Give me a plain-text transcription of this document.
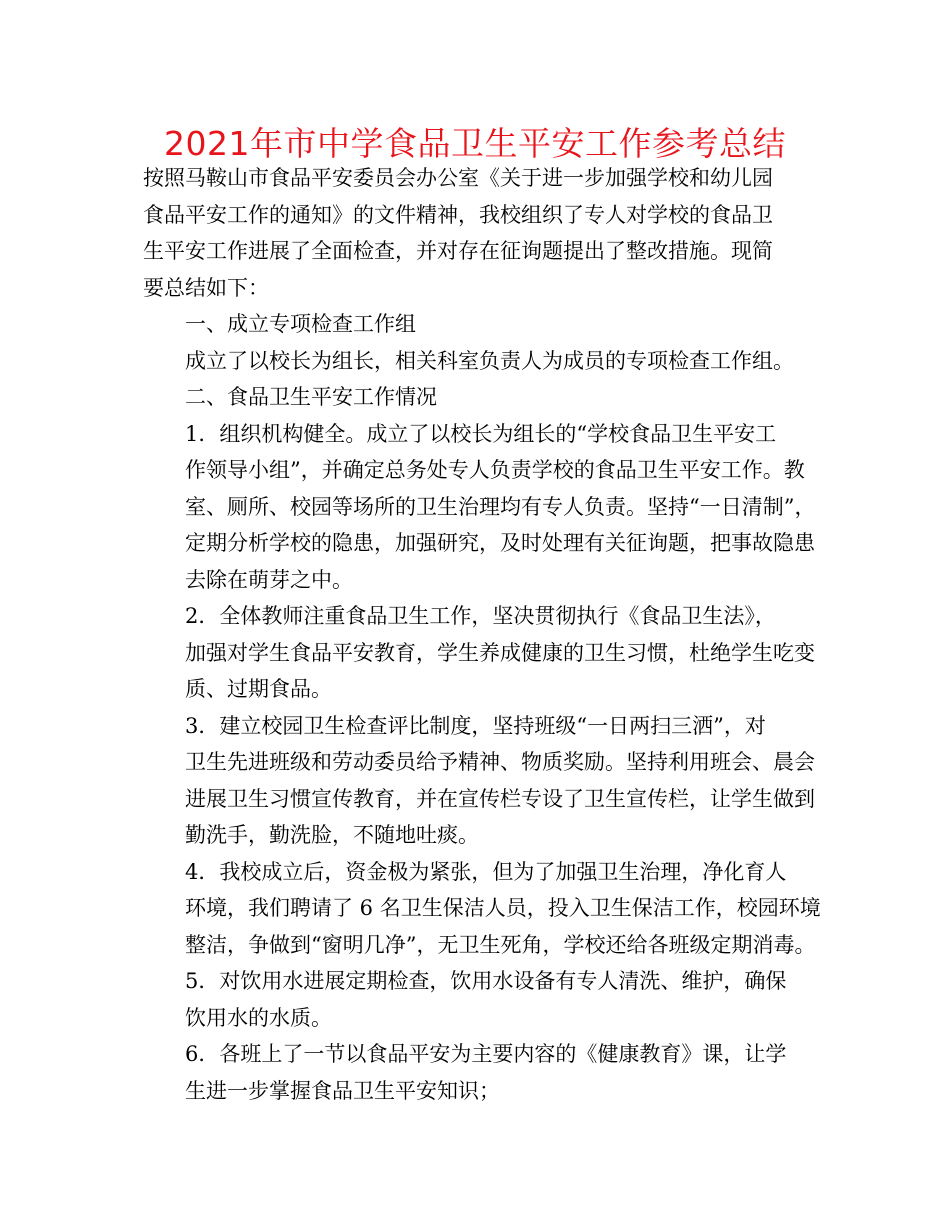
2021年市中学食品卫生平安工作参考总结

按照马鞍山市食品平安委员会办公室《关于进一步加强学校和幼儿园
食品平安工作的通知》的文件精神，我校组织了专人对学校的食品卫
生平安工作进展了全面检查，并对存在征询题提出了整改措施。现简
要总结如下：

一、成立专项检查工作组

成立了以校长为组长，相关科室负责人为成员的专项检查工作组。

二、食品卫生平安工作情况

1．组织机构健全。成立了以校长为组长的“学校食品卫生平安工
作领导小组”，并确定总务处专人负责学校的食品卫生平安工作。教
室、厕所、校园等场所的卫生治理均有专人负责。坚持“一日清制”，
定期分析学校的隐患，加强研究，及时处理有关征询题，把事故隐患
去除在萌芽之中。

2．全体教师注重食品卫生工作，坚决贯彻执行《食品卫生法》，
加强对学生食品平安教育，学生养成健康的卫生习惯，杜绝学生吃变
质、过期食品。

3．建立校园卫生检查评比制度，坚持班级“一日两扫三洒”，对
卫生先进班级和劳动委员给予精神、物质奖励。坚持利用班会、晨会
进展卫生习惯宣传教育，并在宣传栏专设了卫生宣传栏，让学生做到
勤洗手，勤洗脸，不随地吐痰。

4．我校成立后，资金极为紧张，但为了加强卫生治理，净化育人
环境，我们聘请了 6 名卫生保洁人员，投入卫生保洁工作，校园环境
整洁，争做到“窗明几净”，无卫生死角，学校还给各班级定期消毒。

5．对饮用水进展定期检查，饮用水设备有专人清洗、维护，确保
饮用水的水质。

6．各班上了一节以食品平安为主要内容的《健康教育》课，让学
生进一步掌握食品卫生平安知识；
